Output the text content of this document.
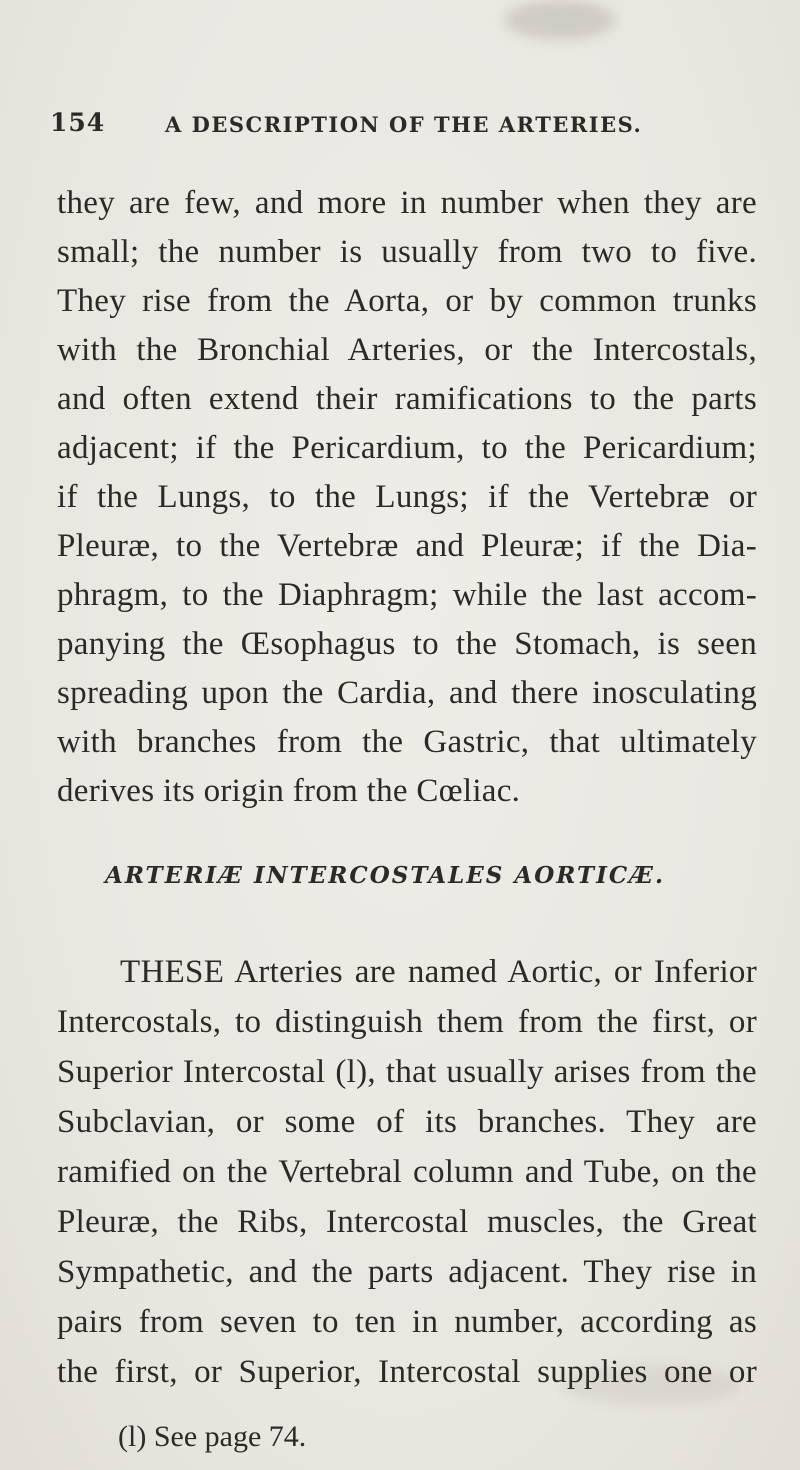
154	A DESCRIPTION OF THE ARTERIES.
they are few, and more in number when they are
small; the number is usually from two to five.
They rise from the Aorta, or by common trunks
with the Bronchial Arteries, or the Intercostals,
and often extend their ramifications to the parts
adjacent; if the Pericardium, to the Pericardium;
if the Lungs, to the Lungs; if the Vertebræ or
Pleuræ, to the Vertebræ and Pleuræ; if the Dia-
phragm, to the Diaphragm; while the last accom-
panying the Œsophagus to the Stomach, is seen
spreading upon the Cardia, and there inosculating
with branches from the Gastric, that ultimately
derives its origin from the Cœliac.
ARTERIÆ INTERCOSTALES AORTICÆ.
THESE Arteries are named Aortic, or Inferior
Intercostals, to distinguish them from the first, or
Superior Intercostal (l), that usually arises from the
Subclavian, or some of its branches. They are
ramified on the Vertebral column and Tube, on the
Pleuræ, the Ribs, Intercostal muscles, the Great
Sympathetic, and the parts adjacent. They rise in
pairs from seven to ten in number, according as
the first, or Superior, Intercostal supplies one or
(l) See page 74.
